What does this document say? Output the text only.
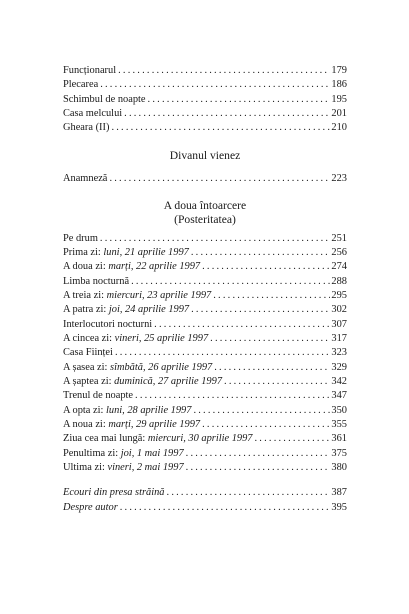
Funcționarul .....	179
Plecarea .....	186
Schimbul de noapte .....	195
Casa melcului .....	201
Gheara (II) .....	210
Divanul vienez
Anamneză .....	223
A doua întoarcere
(Posteritatea)
Pe drum .....	251
Prima zi: luni, 21 aprilie 1997 .....	256
A doua zi: marți, 22 aprilie 1997 .....	274
Limba nocturnă .....	288
A treia zi: miercuri, 23 aprilie 1997 .....	295
A patra zi: joi, 24 aprilie 1997 .....	302
Interlocutori nocturni .....	307
A cincea zi: vineri, 25 aprilie 1997 .....	317
Casa Ființei .....	323
A șasea zi: sîmbătă, 26 aprilie 1997 .....	329
A șaptea zi: duminică, 27 aprilie 1997 .....	342
Trenul de noapte .....	347
A opta zi: luni, 28 aprilie 1997 .....	350
A noua zi: marți, 29 aprilie 1997 .....	355
Ziua cea mai lungă: miercuri, 30 aprilie 1997 .....	361
Penultima zi: joi, 1 mai 1997 .....	375
Ultima zi: vineri, 2 mai 1997 .....	380
Ecouri din presa străină .....	387
Despre autor .....	395
